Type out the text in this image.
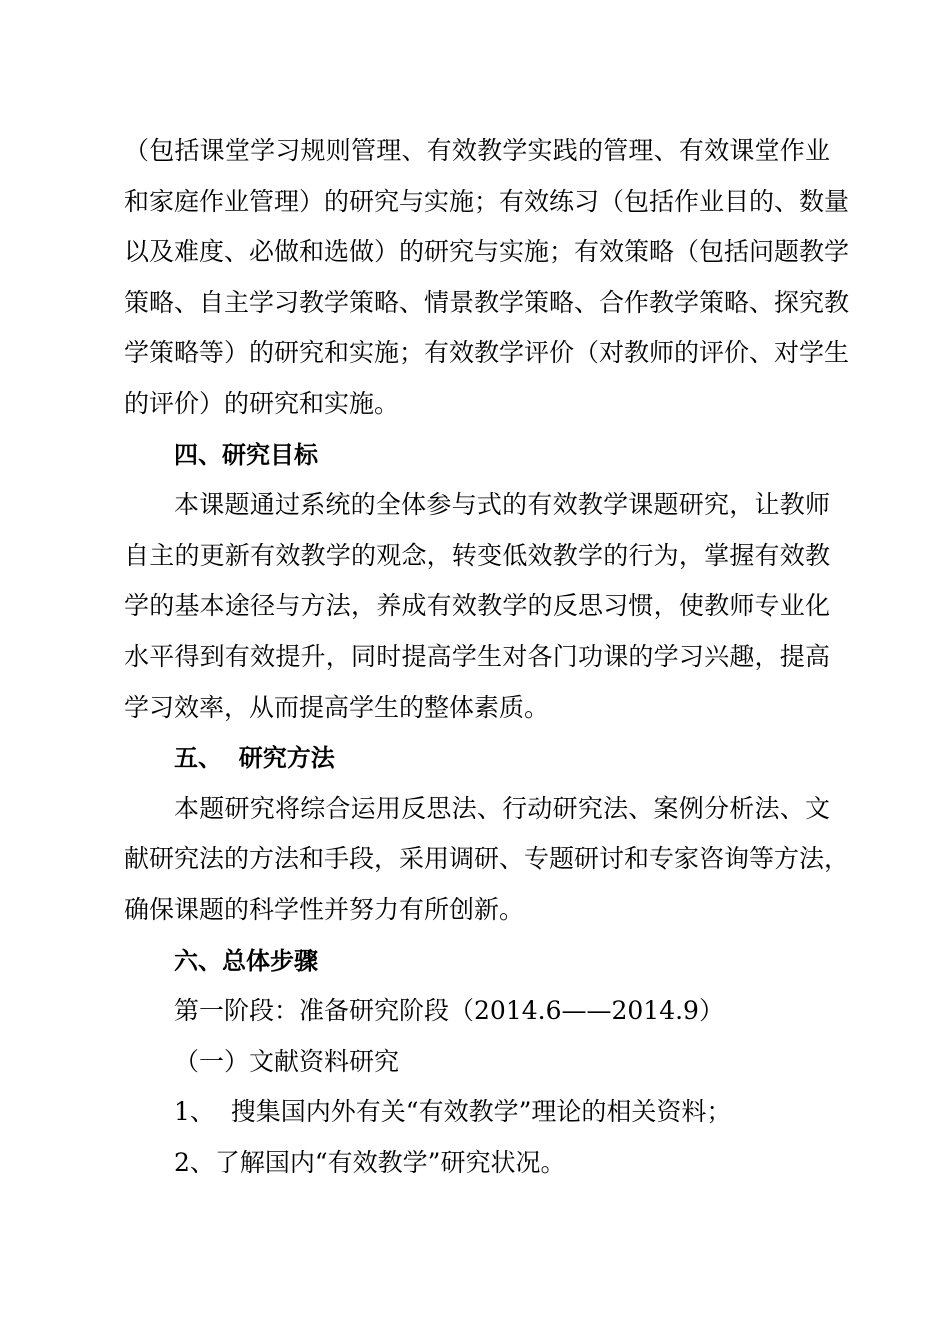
（包括课堂学习规则管理、有效教学实践的管理、有效课堂作业
和家庭作业管理）的研究与实施；有效练习（包括作业目的、数量
以及难度、必做和选做）的研究与实施；有效策略（包括问题教学
策略、自主学习教学策略、情景教学策略、合作教学策略、探究教
学策略等）的研究和实施；有效教学评价（对教师的评价、对学生
的评价）的研究和实施。
四、研究目标
本课题通过系统的全体参与式的有效教学课题研究，让教师
自主的更新有效教学的观念，转变低效教学的行为，掌握有效教
学的基本途径与方法，养成有效教学的反思习惯，使教师专业化
水平得到有效提升，同时提高学生对各门功课的学习兴趣，提高
学习效率，从而提高学生的整体素质。
五、  研究方法
本题研究将综合运用反思法、行动研究法、案例分析法、文
献研究法的方法和手段，采用调研、专题研讨和专家咨询等方法，
确保课题的科学性并努力有所创新。
六、总体步骤
第一阶段：准备研究阶段（2014.6——2014.9）
（一）文献资料研究
1、  搜集国内外有关“有效教学”理论的相关资料；
2、了解国内“有效教学”研究状况。
